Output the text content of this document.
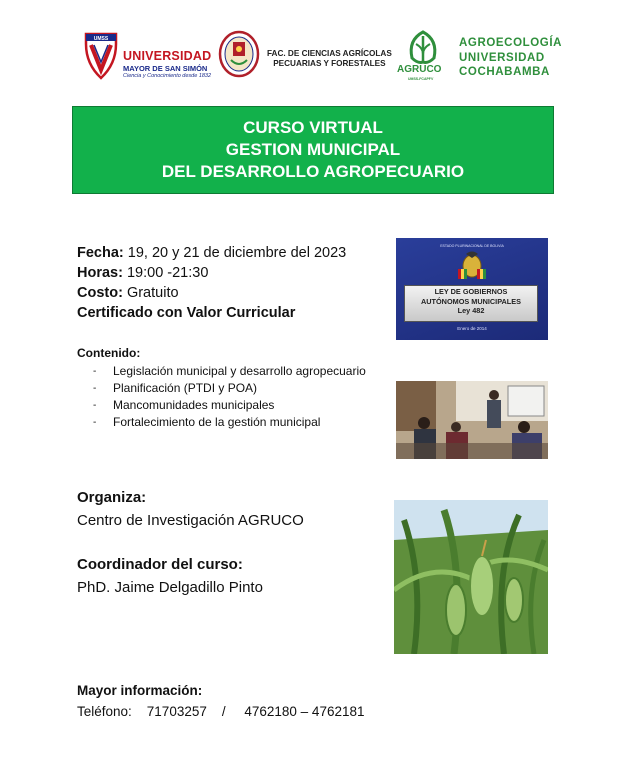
UMSS
UNIVERSIDAD
MAYOR DE SAN SIMÓN
Ciencia y Conocimiento desde 1832
FAC. DE CIENCIAS AGRÍCOLAS
PECUARIAS Y FORESTALES
AGRUCO
UMSS-FCAPFV
AGROECOLOGÍA
UNIVERSIDAD
COCHABAMBA
CURSO VIRTUAL
GESTION MUNICIPAL
DEL DESARROLLO AGROPECUARIO
Fecha: 19, 20 y 21 de diciembre del 2023
Horas: 19:00 -21:30
Costo: Gratuito
Certificado con Valor Curricular
Contenido:
- Legislación municipal y desarrollo agropecuario
- Planificación (PTDI y POA)
- Mancomunidades municipales
- Fortalecimiento de la gestión municipal
Organiza:
Centro de Investigación AGRUCO
Coordinador del curso:
PhD. Jaime Delgadillo Pinto
Mayor información:
Teléfono:    71703257    /     4762180 – 4762181
ESTADO PLURINACIONAL DE BOLIVIA
LEY DE GOBIERNOS
AUTÓNOMOS MUNICIPALES
Ley 482
Enero de 2014
